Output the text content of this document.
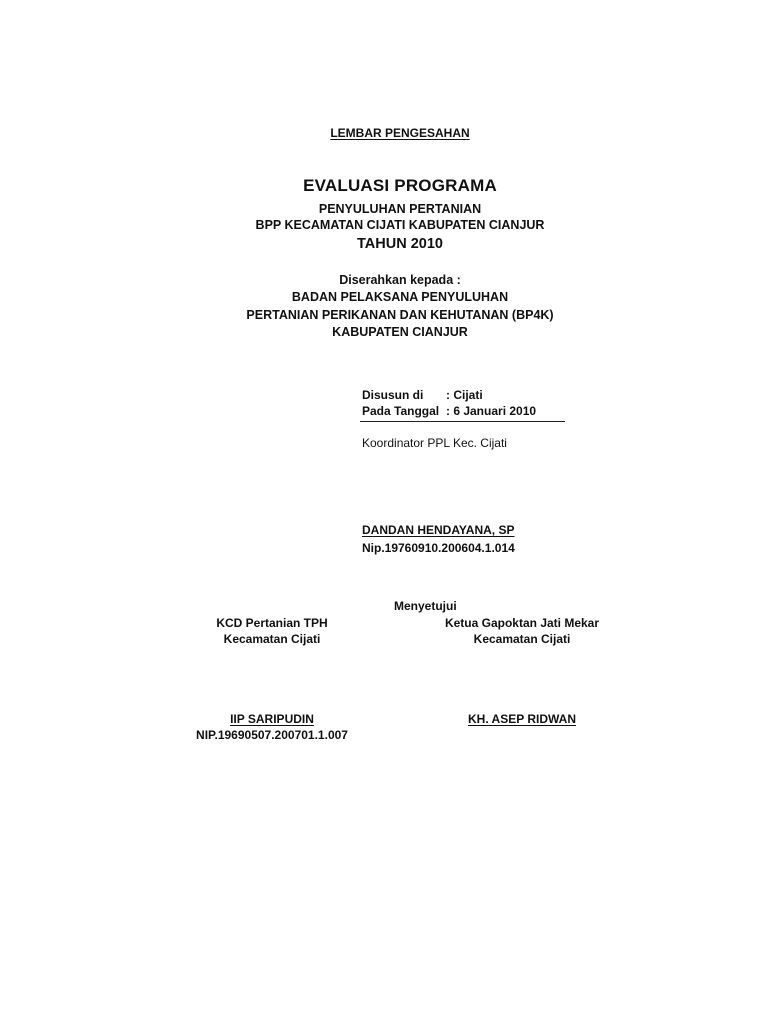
LEMBAR PENGESAHAN
EVALUASI PROGRAMA
PENYULUHAN PERTANIAN
BPP KECAMATAN CIJATI KABUPATEN CIANJUR
TAHUN 2010
Diserahkan kepada :
BADAN PELAKSANA PENYULUHAN
PERTANIAN PERIKANAN DAN KEHUTANAN (BP4K)
KABUPATEN CIANJUR
Disusun di : Cijati
Pada Tanggal : 6 Januari 2010
Koordinator PPL Kec. Cijati
DANDAN HENDAYANA, SP
Nip.19760910.200604.1.014
Menyetujui
KCD Pertanian TPH
Kecamatan Cijati
Ketua Gapoktan Jati Mekar
Kecamatan Cijati
IIP SARIPUDIN
NIP.19690507.200701.1.007
KH. ASEP RIDWAN
